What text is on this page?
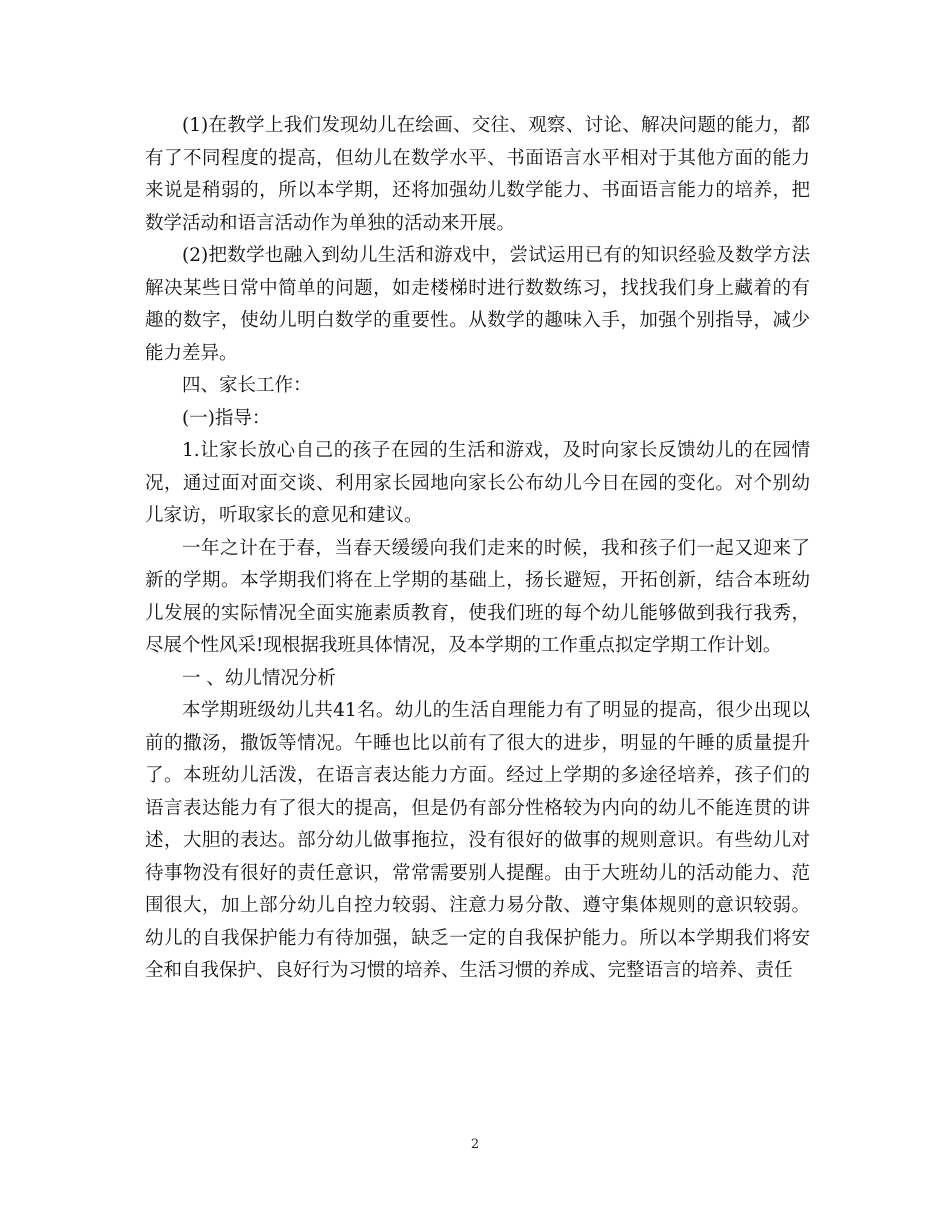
(1)在教学上我们发现幼儿在绘画、交往、观察、讨论、解决问题的能力，都有了不同程度的提高，但幼儿在数学水平、书面语言水平相对于其他方面的能力来说是稍弱的，所以本学期，还将加强幼儿数学能力、书面语言能力的培养，把数学活动和语言活动作为单独的活动来开展。

(2)把数学也融入到幼儿生活和游戏中，尝试运用已有的知识经验及数学方法解决某些日常中简单的问题，如走楼梯时进行数数练习，找找我们身上藏着的有趣的数字，使幼儿明白数学的重要性。从数学的趣味入手，加强个别指导，减少能力差异。

四、家长工作：

(一)指导：

1.让家长放心自己的孩子在园的生活和游戏，及时向家长反馈幼儿的在园情况，通过面对面交谈、利用家长园地向家长公布幼儿今日在园的变化。对个别幼儿家访，听取家长的意见和建议。

一年之计在于春，当春天缓缓向我们走来的时候，我和孩子们一起又迎来了新的学期。本学期我们将在上学期的基础上，扬长避短，开拓创新，结合本班幼儿发展的实际情况全面实施素质教育，使我们班的每个幼儿能够做到我行我秀，尽展个性风采!现根据我班具体情况，及本学期的工作重点拟定学期工作计划。

一 、幼儿情况分析

本学期班级幼儿共41名。幼儿的生活自理能力有了明显的提高，很少出现以前的撒汤，撒饭等情况。午睡也比以前有了很大的进步，明显的午睡的质量提升了。本班幼儿活泼，在语言表达能力方面。经过上学期的多途径培养，孩子们的语言表达能力有了很大的提高，但是仍有部分性格较为内向的幼儿不能连贯的讲述，大胆的表达。部分幼儿做事拖拉，没有很好的做事的规则意识。有些幼儿对待事物没有很好的责任意识，常常需要别人提醒。由于大班幼儿的活动能力、范围很大，加上部分幼儿自控力较弱、注意力易分散、遵守集体规则的意识较弱。幼儿的自我保护能力有待加强，缺乏一定的自我保护能力。所以本学期我们将安全和自我保护、良好行为习惯的培养、生活习惯的养成、完整语言的培养、责任

2
